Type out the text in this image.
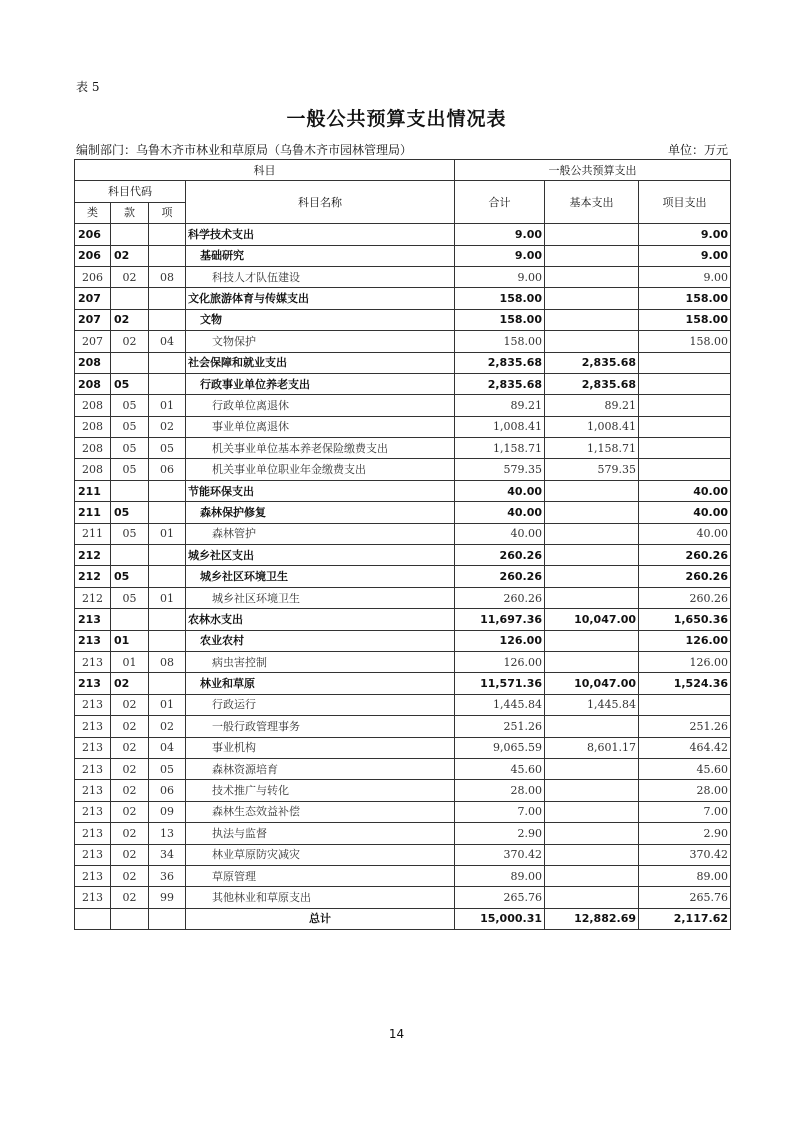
表 5
一般公共预算支出情况表
编制部门：乌鲁木齐市林业和草原局（乌鲁木齐市园林管理局）	单位：万元
科目				一般公共预算支出		
科目代码			科目名称	合计	基本支出	项目支出
类	款	项				
206			科学技术支出	9.00		9.00
206	02		基础研究	9.00		9.00
206	02	08	科技人才队伍建设	9.00		9.00
207			文化旅游体育与传媒支出	158.00		158.00
207	02		文物	158.00		158.00
207	02	04	文物保护	158.00		158.00
208			社会保障和就业支出	2,835.68	2,835.68	
208	05		行政事业单位养老支出	2,835.68	2,835.68	
208	05	01	行政单位离退休	89.21	89.21	
208	05	02	事业单位离退休	1,008.41	1,008.41	
208	05	05	机关事业单位基本养老保险缴费支出	1,158.71	1,158.71	
208	05	06	机关事业单位职业年金缴费支出	579.35	579.35	
211			节能环保支出	40.00		40.00
211	05		森林保护修复	40.00		40.00
211	05	01	森林管护	40.00		40.00
212			城乡社区支出	260.26		260.26
212	05		城乡社区环境卫生	260.26		260.26
212	05	01	城乡社区环境卫生	260.26		260.26
213			农林水支出	11,697.36	10,047.00	1,650.36
213	01		农业农村	126.00		126.00
213	01	08	病虫害控制	126.00		126.00
213	02		林业和草原	11,571.36	10,047.00	1,524.36
213	02	01	行政运行	1,445.84	1,445.84	
213	02	02	一般行政管理事务	251.26		251.26
213	02	04	事业机构	9,065.59	8,601.17	464.42
213	02	05	森林资源培育	45.60		45.60
213	02	06	技术推广与转化	28.00		28.00
213	02	09	森林生态效益补偿	7.00		7.00
213	02	13	执法与监督	2.90		2.90
213	02	34	林业草原防灾减灾	370.42		370.42
213	02	36	草原管理	89.00		89.00
213	02	99	其他林业和草原支出	265.76		265.76
			总计	15,000.31	12,882.69	2,117.62
14
